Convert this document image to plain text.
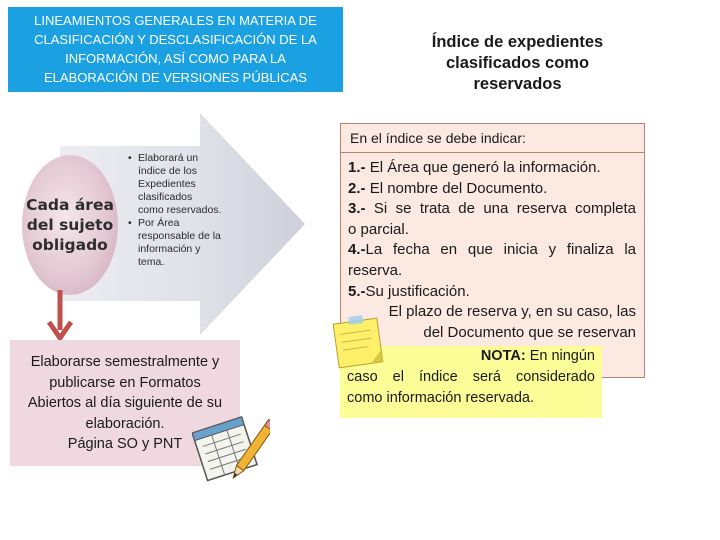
LINEAMIENTOS GENERALES EN MATERIA DE
CLASIFICACIÓN Y DESCLASIFICACIÓN DE LA
INFORMACIÓN, ASÍ COMO PARA LA
ELABORACIÓN DE VERSIONES PÚBLICAS
Índice de expedientes
clasificados como
reservados
Cada área
del sujeto
obligado
• Elaborará un
índice de los
Expedientes
clasificados
como reservados.
• Por Área
responsable de la
información y
tema.
Elaborarse semestralmente y
publicarse en Formatos
Abiertos al día siguiente de su
elaboración.
Página SO y PNT
En el índice se debe indicar:
1.- El Área que generó la información.
2.- El nombre del Documento.
3.- Si se trata de una reserva completa
o parcial.
4.-La fecha en que inicia y finaliza la
reserva.
5.-Su justificación.
El plazo de reserva y, en su caso, las
del Documento que se reservan
NOTA: En ningún
caso el índice será considerado
como información reservada.
